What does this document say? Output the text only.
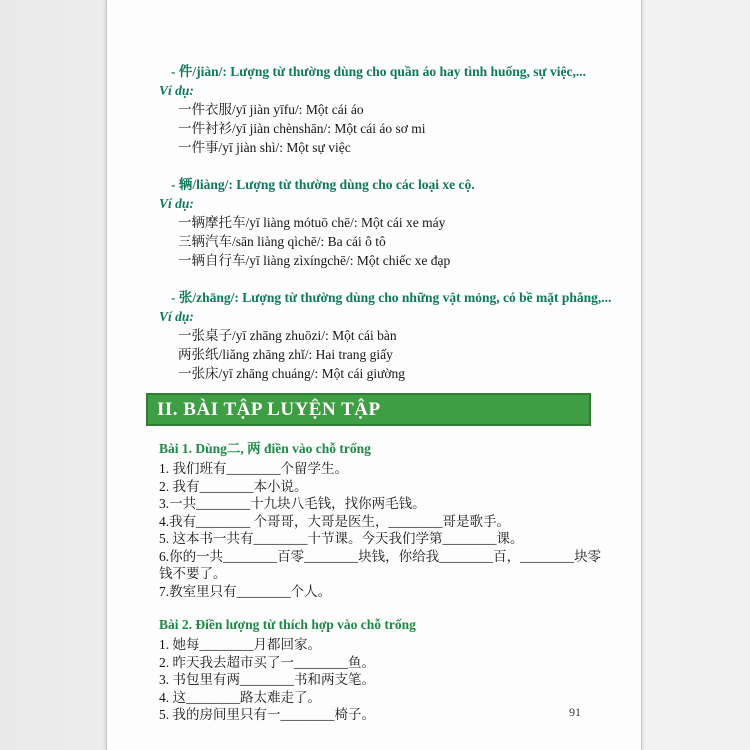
- 件/jiàn/: Lượng từ thường dùng cho quần áo hay tình huống, sự việc,...
Ví dụ:
一件衣服/yī jiàn yīfu/: Một cái áo
一件衬衫/yī jiàn chènshān/: Một cái áo sơ mi
一件事/yī jiàn shì/: Một sự việc
- 辆/liàng/: Lượng từ thường dùng cho các loại xe cộ.
Ví dụ:
一辆摩托车/yī liàng mótuō chē/: Một cái xe máy
三辆汽车/sān liàng qìchē/: Ba cái ô tô
一辆自行车/yī liàng zìxíngchē/: Một chiếc xe đạp
- 张/zhāng/: Lượng từ thường dùng cho những vật mỏng, có bề mặt phẳng,...
Ví dụ:
一张桌子/yī zhāng zhuōzi/: Một cái bàn
两张纸/liǎng zhāng zhǐ/: Hai trang giấy
一张床/yī zhāng chuáng/: Một cái giường
II. BÀI TẬP LUYỆN TẬP
Bài 1. Dùng二, 两 điền vào chỗ trống
1. 我们班有________个留学生。
2. 我有________本小说。
3.一共________十九块八毛钱，找你两毛钱。
4.我有________ 个哥哥，大哥是医生，________哥是歌手。
5. 这本书一共有________十节课。今天我们学第________课。
6.你的一共________百零________块钱，你给我________百，________块零钱不要了。
7.教室里只有________个人。
Bài 2. Điền lượng từ thích hợp vào chỗ trống
1. 她每________月都回家。
2. 昨天我去超市买了一________鱼。
3. 书包里有两________书和两支笔。
4. 这________路太难走了。
5. 我的房间里只有一________椅子。	91
